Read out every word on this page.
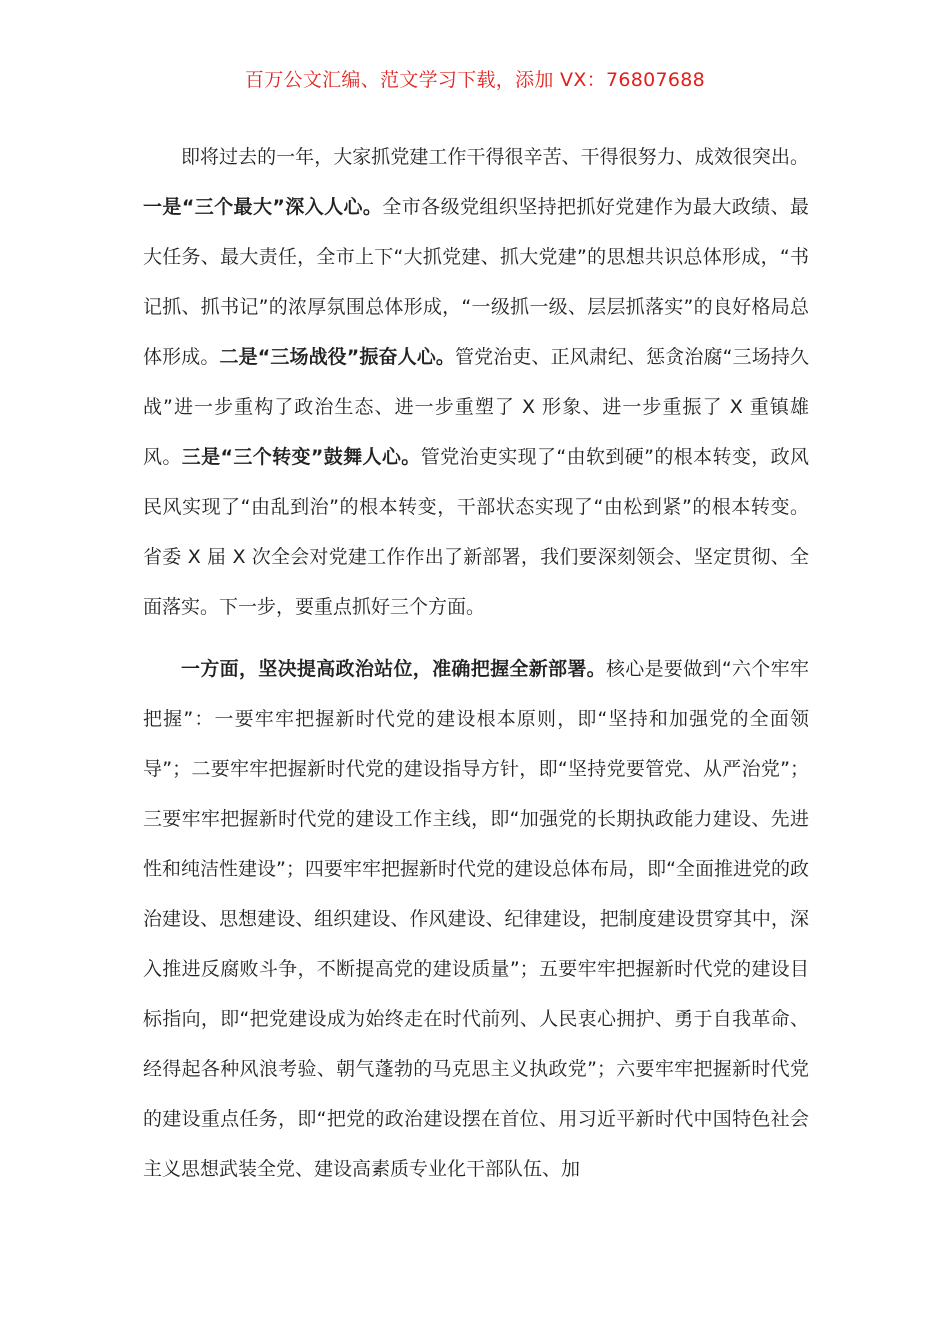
百万公文汇编、范文学习下载，添加 VX：76807688

即将过去的一年，大家抓党建工作干得很辛苦、干得很努力、成效很突出。一是“三个最大”深入人心。全市各级党组织坚持把抓好党建作为最大政绩、最大任务、最大责任，全市上下“大抓党建、抓大党建”的思想共识总体形成，“书记抓、抓书记”的浓厚氛围总体形成，“一级抓一级、层层抓落实”的良好格局总体形成。二是“三场战役”振奋人心。管党治吏、正风肃纪、惩贪治腐“三场持久战”进一步重构了政治生态、进一步重塑了 X 形象、进一步重振了 X 重镇雄风。三是“三个转变”鼓舞人心。管党治吏实现了“由软到硬”的根本转变，政风民风实现了“由乱到治”的根本转变，干部状态实现了“由松到紧”的根本转变。省委 X 届 X 次全会对党建工作作出了新部署，我们要深刻领会、坚定贯彻、全面落实。下一步，要重点抓好三个方面。

一方面，坚决提高政治站位，准确把握全新部署。核心是要做到“六个牢牢把握”：一要牢牢把握新时代党的建设根本原则，即“坚持和加强党的全面领导”；二要牢牢把握新时代党的建设指导方针，即“坚持党要管党、从严治党”；三要牢牢把握新时代党的建设工作主线，即“加强党的长期执政能力建设、先进性和纯洁性建设”；四要牢牢把握新时代党的建设总体布局，即“全面推进党的政治建设、思想建设、组织建设、作风建设、纪律建设，把制度建设贯穿其中，深入推进反腐败斗争，不断提高党的建设质量”；五要牢牢把握新时代党的建设目标指向，即“把党建设成为始终走在时代前列、人民衷心拥护、勇于自我革命、经得起各种风浪考验、朝气蓬勃的马克思主义执政党”；六要牢牢把握新时代党的建设重点任务，即“把党的政治建设摆在首位、用习近平新时代中国特色社会主义思想武装全党、建设高素质专业化干部队伍、加
